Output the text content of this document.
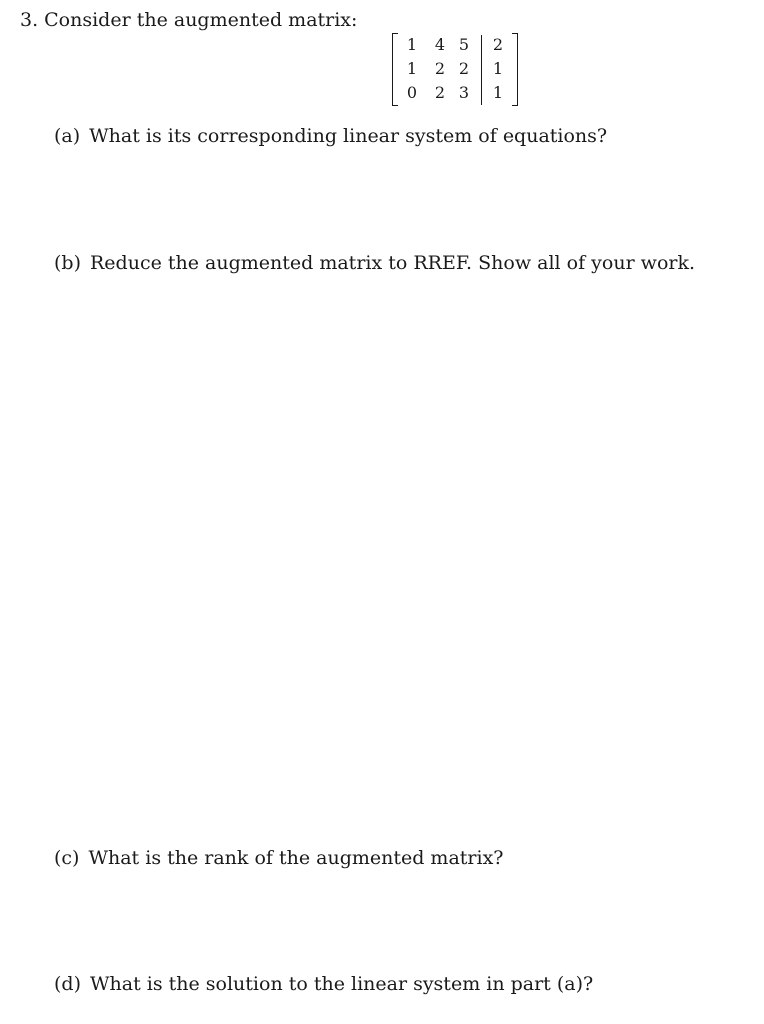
3. Consider the augmented matrix:
1	4 5	2
1	2 2	1
0	2 3	1
(a) What is its corresponding linear system of equations?
(b) Reduce the augmented matrix to RREF. Show all of your work.
(c) What is the rank of the augmented matrix?
(d) What is the solution to the linear system in part (a)?
